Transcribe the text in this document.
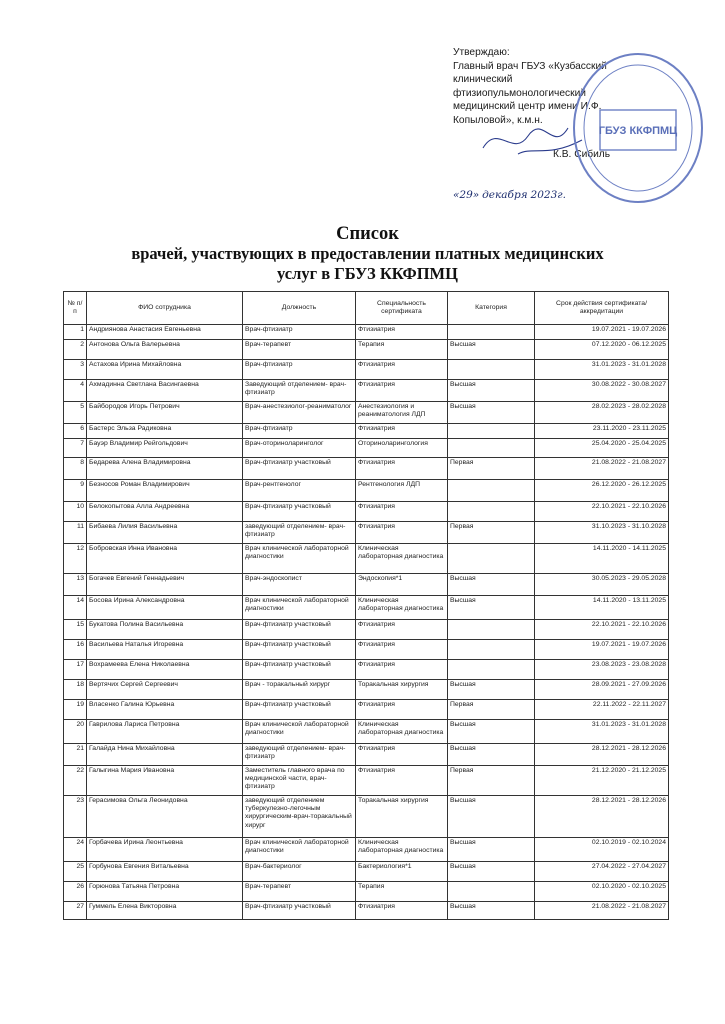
Утверждаю:
Главный врач ГБУЗ «Кузбасский
клинический
фтизиопульмонологический
медицинский центр имени И.Ф.
Копыловой», к.м.н.
К.В. Сибиль
«29» декабря 2023г.
ГБУЗ ККФПМЦ
Список
врачей, участвующих в предоставлении платных медицинских
услуг в ГБУЗ ККФПМЦ
№ п/п	ФИО сотрудника	Должность	Специальность сертификата	Категория	Срок действия сертификата/аккредитации
1	Андриянова Анастасия Евгеньевна	Врач-фтизиатр	Фтизиатрия		19.07.2021 - 19.07.2026
2	Антонова Ольга Валерьевна	Врач-терапевт	Терапия	Высшая	07.12.2020 - 06.12.2025
3	Астахова Ирина Михайловна	Врач-фтизиатр	Фтизиатрия		31.01.2023 - 31.01.2028
4	Ахмадинна Светлана Васингаевна	Заведующий отделением- врач-фтизиатр	Фтизиатрия	Высшая	30.08.2022 - 30.08.2027
5	Байбородов Игорь Петрович	Врач-анестезиолог-реаниматолог	Анестезиология и реаниматология ЛДП	Высшая	28.02.2023 - 28.02.2028
6	Бастерс Эльза Радиковна	Врач-фтизиатр	Фтизиатрия		23.11.2020 - 23.11.2025
7	Бауэр Владимир Рейгольдович	Врач-оториноларинголог	Оториноларингология		25.04.2020 - 25.04.2025
8	Бедарева Алена Владимировна	Врач-фтизиатр участковый	Фтизиатрия	Первая	21.08.2022 - 21.08.2027
9	Безносов Роман Владимирович	Врач-рентгенолог	Рентгенология ЛДП		26.12.2020 - 26.12.2025
10	Белокопытова Алла Андреевна	Врач-фтизиатр участковый	Фтизиатрия		22.10.2021 - 22.10.2026
11	Бибаева Лилия Васильевна	заведующий отделением- врач-фтизиатр	Фтизиатрия	Первая	31.10.2023 - 31.10.2028
12	Бобровская Инна Ивановна	Врач клинической лабораторной диагностики	Клиническая лабораторная диагностика		14.11.2020 - 14.11.2025
13	Богачев Евгений Геннадьевич	Врач-эндоскопист	Эндоскопия*1	Высшая	30.05.2023 - 29.05.2028
14	Босова Ирина Александровна	Врач клинической лабораторной диагностики	Клиническая лабораторная диагностика	Высшая	14.11.2020 - 13.11.2025
15	Букатова Полина Васильевна	Врач-фтизиатр участковый	Фтизиатрия		22.10.2021 - 22.10.2026
16	Васильева Наталья Игоревна	Врач-фтизиатр участковый	Фтизиатрия		19.07.2021 - 19.07.2026
17	Вохрамеева Елена Николаевна	Врач-фтизиатр участковый	Фтизиатрия		23.08.2023 - 23.08.2028
18	Вертячих Сергей Сергеевич	Врач - торакальный хирург	Торакальная хирургия	Высшая	28.09.2021 - 27.09.2026
19	Власенко Галина Юрьевна	Врач-фтизиатр участковый	Фтизиатрия	Первая	22.11.2022 - 22.11.2027
20	Гаврилова Лариса Петровна	Врач клинической лабораторной диагностики	Клиническая лабораторная диагностика	Высшая	31.01.2023 - 31.01.2028
21	Галайда Нина Михайловна	заведующий отделением- врач-фтизиатр	Фтизиатрия	Высшая	28.12.2021 - 28.12.2026
22	Галыгина Мария Ивановна	Заместитель главного врача по медицинской части, врач-фтизиатр	Фтизиатрия	Первая	21.12.2020 - 21.12.2025
23	Герасимова Ольга Леонидовна	заведующий отделением туберкулезно-легочным хирургическим-врач-торакальный хирург	Торакальная хирургия	Высшая	28.12.2021 - 28.12.2026
24	Горбачева Ирина Леонтьевна	Врач клинической лабораторной диагностики	Клиническая лабораторная диагностика	Высшая	02.10.2019 - 02.10.2024
25	Горбунова Евгения Витальевна	Врач-бактериолог	Бактериология*1	Высшая	27.04.2022 - 27.04.2027
26	Горюнова Татьяна Петровна	Врач-терапевт	Терапия		02.10.2020 - 02.10.2025
27	Гуммель Елена Викторовна	Врач-фтизиатр участковый	Фтизиатрия	Высшая	21.08.2022 - 21.08.2027
